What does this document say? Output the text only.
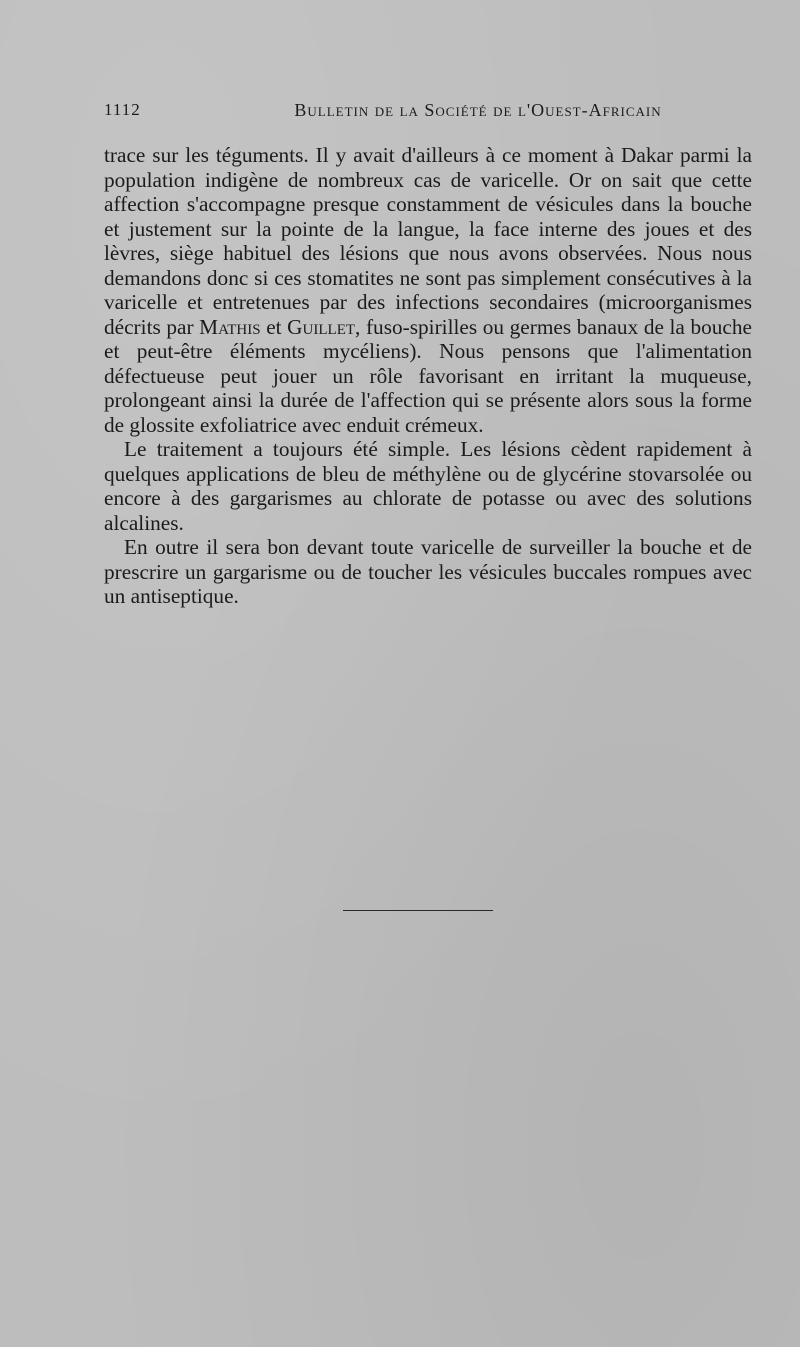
1112	Bulletin de la Société de l'Ouest-Africain

trace sur les téguments. Il y avait d'ailleurs à ce moment à Dakar parmi la population indigène de nombreux cas de varicelle. Or on sait que cette affection s'accompagne presque constamment de vésicules dans la bouche et justement sur la pointe de la langue, la face interne des joues et des lèvres, siège habituel des lésions que nous avons observées. Nous nous demandons donc si ces stomatites ne sont pas simplement consécutives à la varicelle et entretenues par des infections secondaires (microorganismes décrits par Mathis et Guillet, fuso-spirilles ou germes banaux de la bouche et peut-être éléments mycéliens). Nous pensons que l'alimentation défectueuse peut jouer un rôle favorisant en irritant la muqueuse, prolongeant ainsi la durée de l'affection qui se présente alors sous la forme de glossite exfoliatrice avec enduit crémeux.

Le traitement a toujours été simple. Les lésions cèdent rapidement à quelques applications de bleu de méthylène ou de glycérine stovarsolée ou encore à des gargarismes au chlorate de potasse ou avec des solutions alcalines.

En outre il sera bon devant toute varicelle de surveiller la bouche et de prescrire un gargarisme ou de toucher les vésicules buccales rompues avec un antiseptique.
